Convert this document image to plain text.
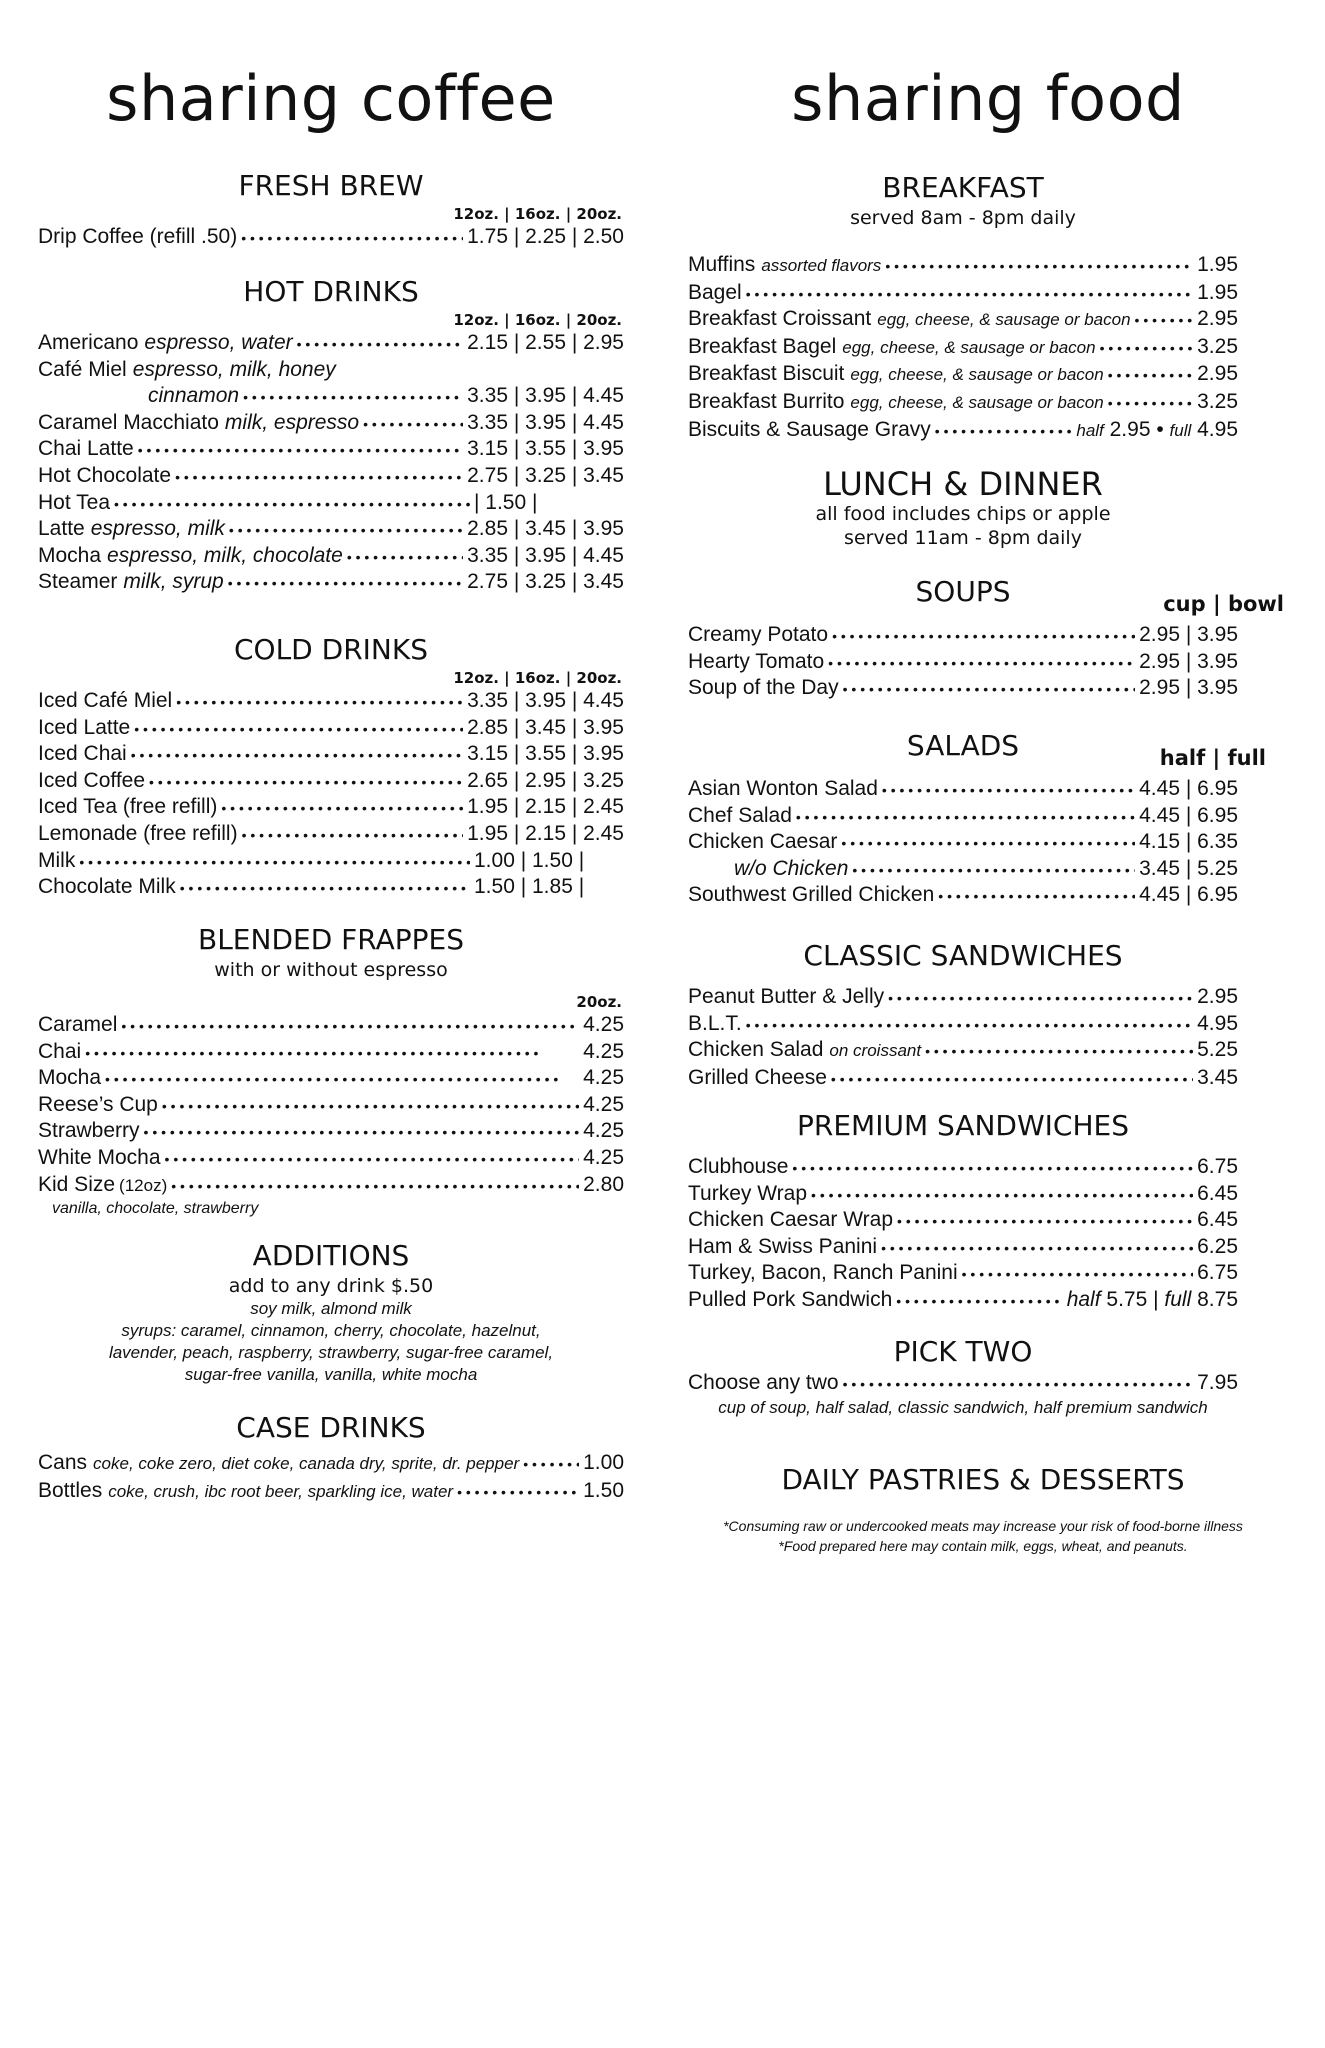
sharing coffee
FRESH BREW
12oz. | 16oz. | 20oz.
Drip Coffee (refill .50) • • •	1.75 | 2.25 | 2.50
HOT DRINKS
12oz. | 16oz. | 20oz.
Americano espresso, water • • •	2.15 | 2.55 | 2.95
Café Miel espresso, milk, honey
cinnamon • • •	3.35 | 3.95 | 4.45
Caramel Macchiato milk, espresso • • •	3.35 | 3.95 | 4.45
Chai Latte • • •	3.15 | 3.55 | 3.95
Hot Chocolate • • •	2.75 | 3.25 | 3.45
Hot Tea • • •	| 1.50 |
Latte espresso, milk • • •	2.85 | 3.45 | 3.95
Mocha espresso, milk, chocolate • • •	3.35 | 3.95 | 4.45
Steamer milk, syrup • • •	2.75 | 3.25 | 3.45
COLD DRINKS
12oz. | 16oz. | 20oz.
Iced Café Miel • • •	3.35 | 3.95 | 4.45
Iced Latte • • •	2.85 | 3.45 | 3.95
Iced Chai • • •	3.15 | 3.55 | 3.95
Iced Coffee • • •	2.65 | 2.95 | 3.25
Iced Tea (free refill) • • •	1.95 | 2.15 | 2.45
Lemonade (free refill) • • •	1.95 | 2.15 | 2.45
Milk • • •	1.00 | 1.50 |
Chocolate Milk • • •	1.50 | 1.85 |
BLENDED FRAPPES
with or without espresso
20oz.
Caramel • • •	4.25
Chai • • •	4.25
Mocha • • •	4.25
Reese’s Cup • • •	4.25
Strawberry • • •	4.25
White Mocha • • •	4.25
Kid Size (12oz) • • •	2.80
vanilla, chocolate, strawberry
ADDITIONS
add to any drink $.50
soy milk, almond milk
syrups: caramel, cinnamon, cherry, chocolate, hazelnut,
lavender, peach, raspberry, strawberry, sugar-free caramel,
sugar-free vanilla, vanilla, white mocha
CASE DRINKS
Cans coke, coke zero, diet coke, canada dry, sprite, dr. pepper • • •	1.00
Bottles coke, crush, ibc root beer, sparkling ice, water • • •	1.50
sharing food
BREAKFAST
served 8am - 8pm daily
Muffins assorted flavors • • •	1.95
Bagel • • •	1.95
Breakfast Croissant egg, cheese, & sausage or bacon • • •	2.95
Breakfast Bagel egg, cheese, & sausage or bacon • • •	3.25
Breakfast Biscuit egg, cheese, & sausage or bacon • • •	2.95
Breakfast Burrito egg, cheese, & sausage or bacon • • •	3.25
Biscuits & Sausage Gravy • • •	half 2.95 • full 4.95
LUNCH & DINNER
all food includes chips or apple
served 11am - 8pm daily
SOUPS	cup | bowl
Creamy Potato • • •	2.95 | 3.95
Hearty Tomato • • •	2.95 | 3.95
Soup of the Day • • •	2.95 | 3.95
SALADS	half | full
Asian Wonton Salad • • •	4.45 | 6.95
Chef Salad • • •	4.45 | 6.95
Chicken Caesar • • •	4.15 | 6.35
w/o Chicken • • •	3.45 | 5.25
Southwest Grilled Chicken • • •	4.45 | 6.95
CLASSIC SANDWICHES
Peanut Butter & Jelly • • •	2.95
B.L.T. • • •	4.95
Chicken Salad on croissant • • •	5.25
Grilled Cheese • • •	3.45
PREMIUM SANDWICHES
Clubhouse • • •	6.75
Turkey Wrap • • •	6.45
Chicken Caesar Wrap • • •	6.45
Ham & Swiss Panini • • •	6.25
Turkey, Bacon, Ranch Panini • • •	6.75
Pulled Pork Sandwich • • •	half 5.75 | full 8.75
PICK TWO
Choose any two • • •	7.95
cup of soup, half salad, classic sandwich, half premium sandwich
DAILY PASTRIES & DESSERTS
*Consuming raw or undercooked meats may increase your risk of food-borne illness
*Food prepared here may contain milk, eggs, wheat, and peanuts.
